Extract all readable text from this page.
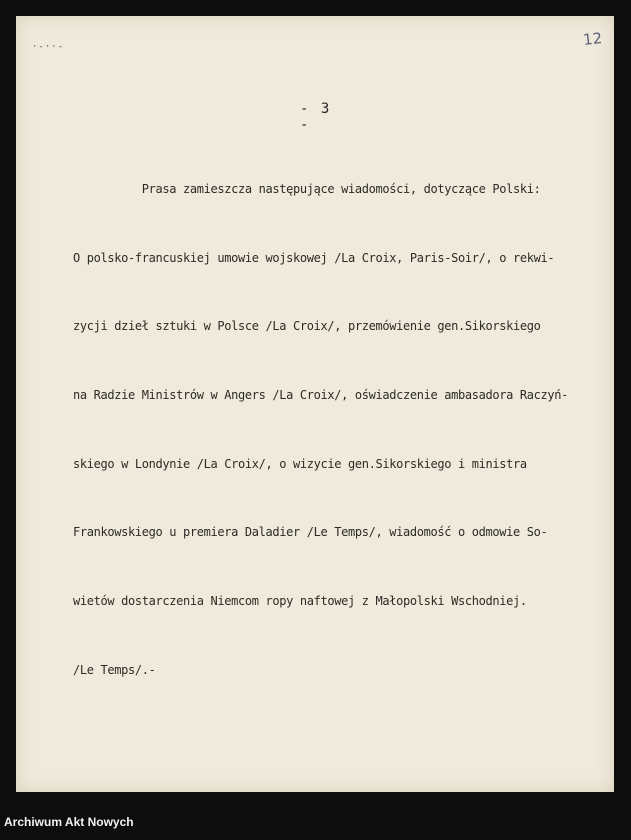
12
·-··-
- 3 -

Prasa zamieszcza następujące wiadomości, dotyczące Polski:

O polsko-francuskiej umowie wojskowej /La Croix, Paris-Soir/, o rekwi-

zycji dzieł sztuki w Polsce /La Croix/, przemówienie gen.Sikorskiego

na Radzie Ministrów w Angers /La Croix/, oświadczenie ambasadora Raczyń-

skiego w Londynie /La Croix/, o wizycie gen.Sikorskiego i ministra

Frankowskiego u premiera Daladier /Le Temps/, wiadomość o odmowie So-

wietów dostarczenia Niemcom ropy naftowej z Małopolski Wschodniej.

/Le Temps/.-

Archiwum Akt Nowych
